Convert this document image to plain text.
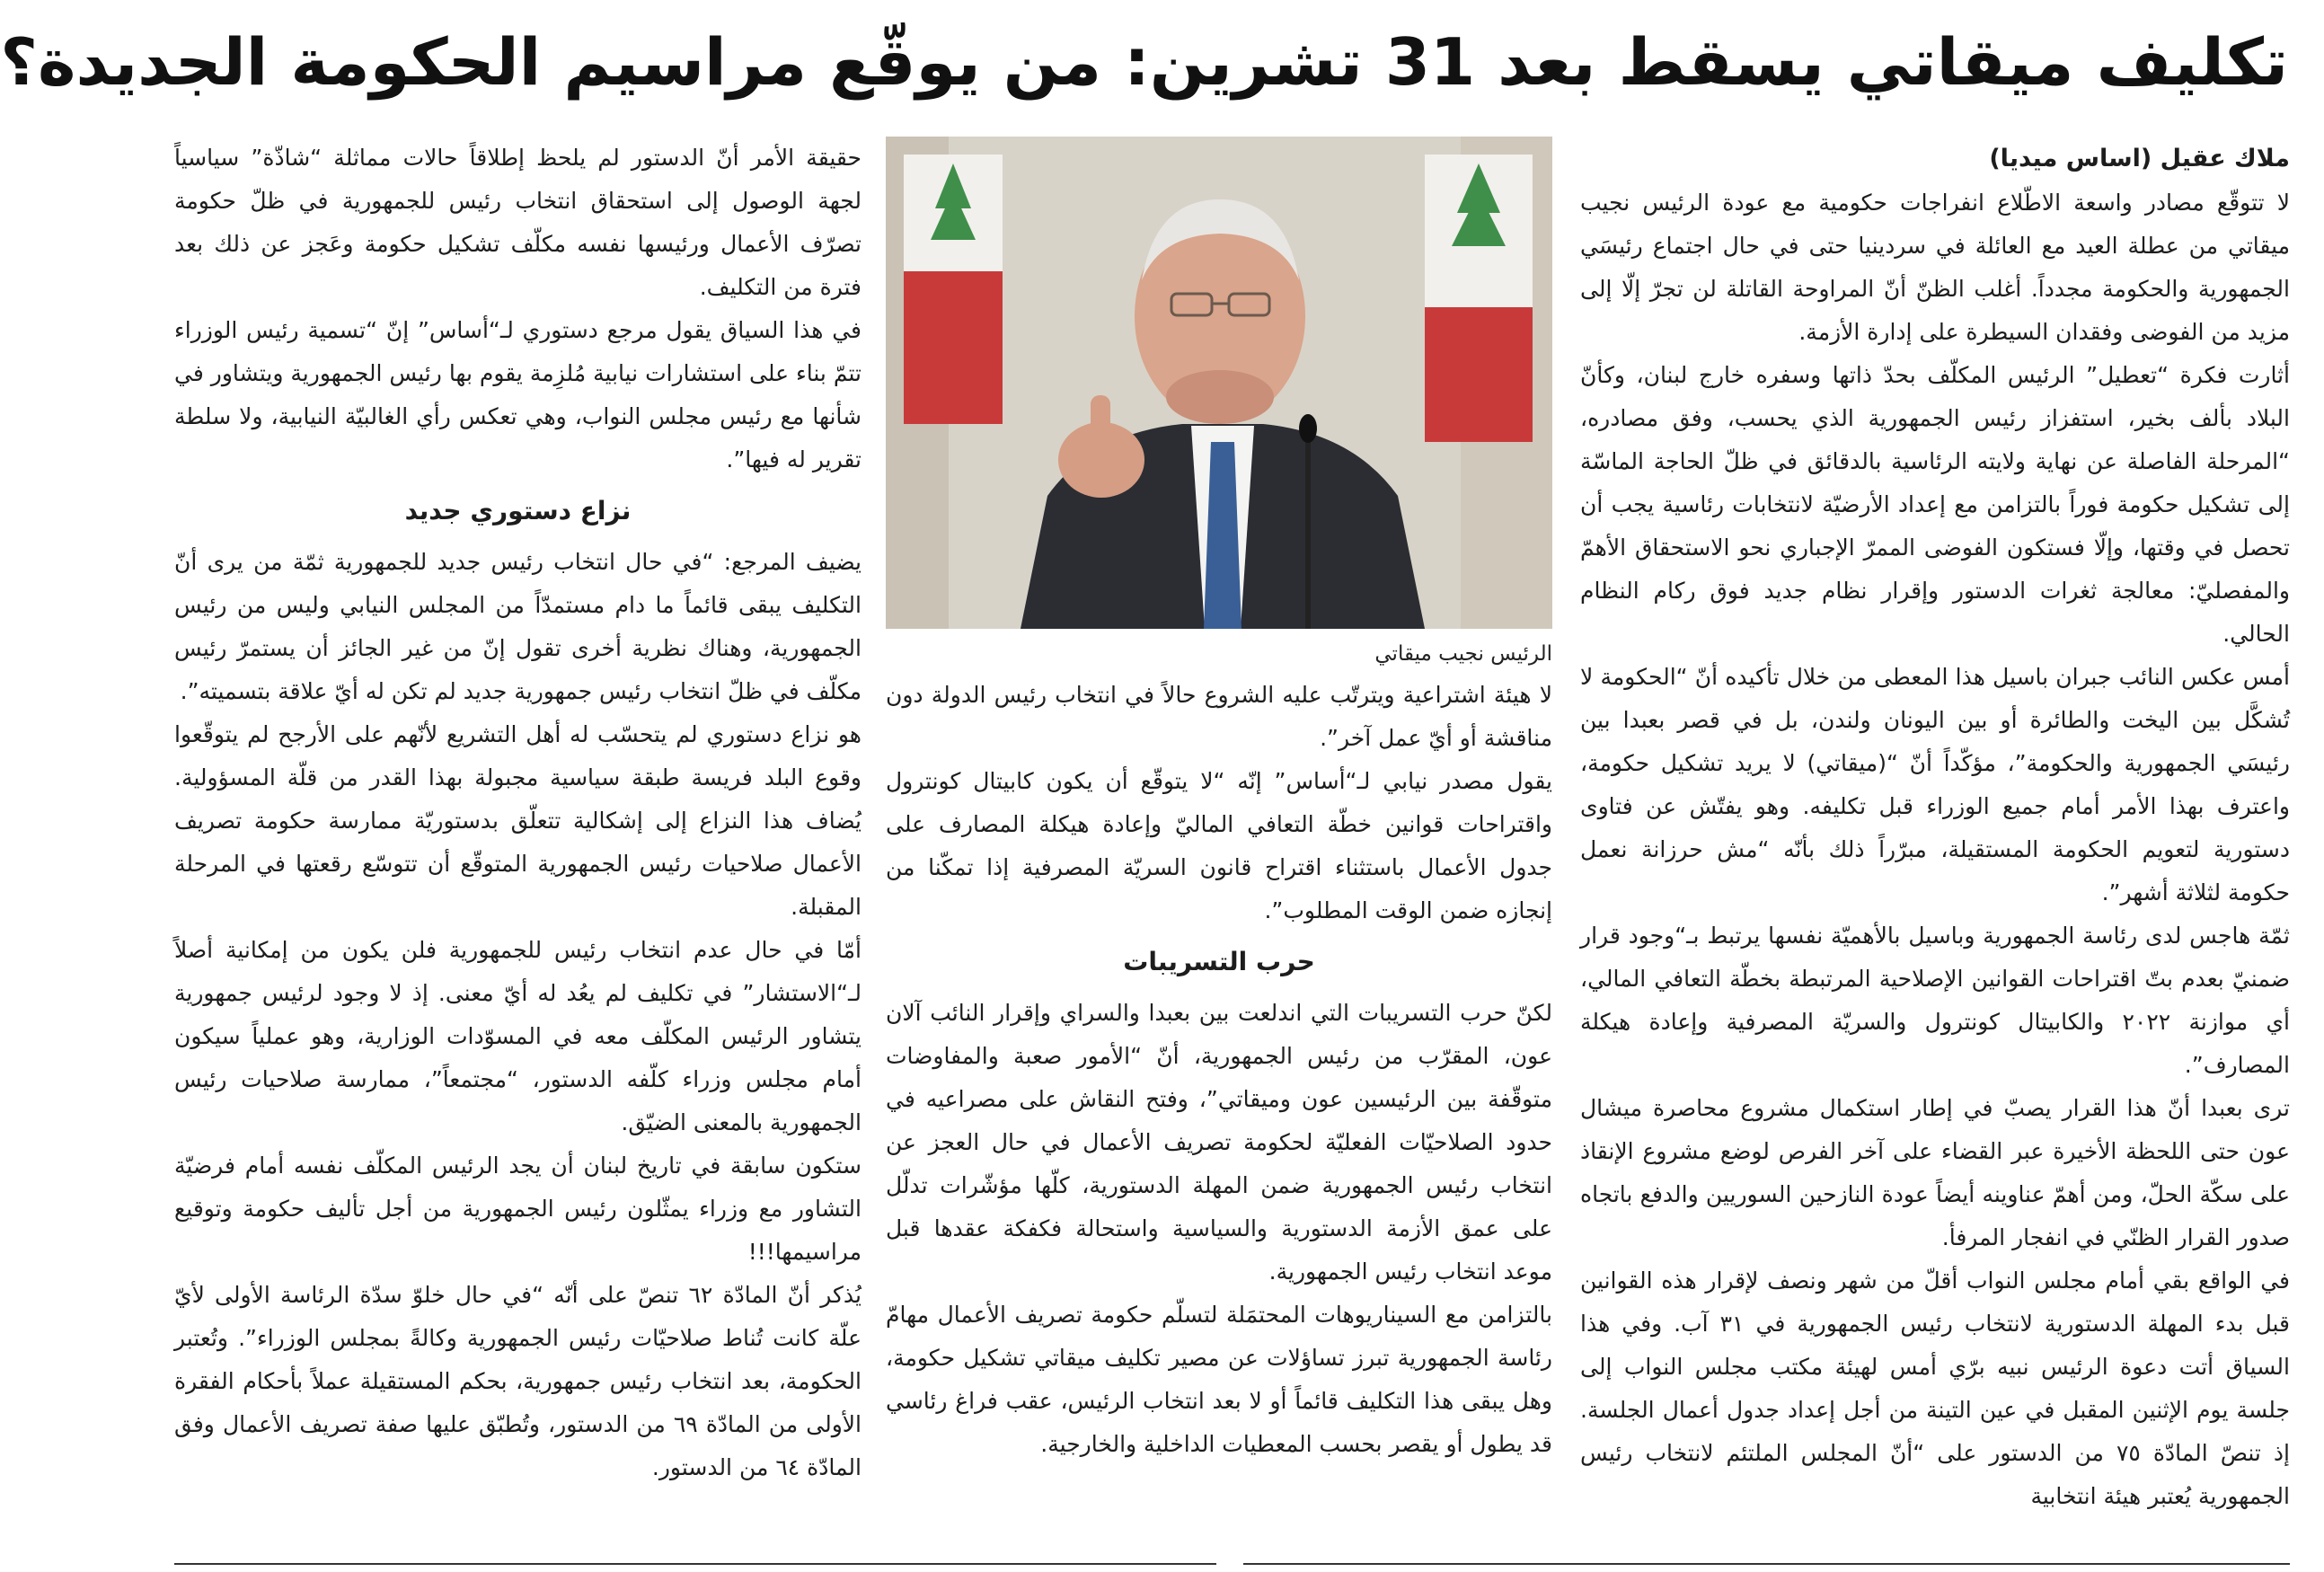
تكليف ميقاتي يسقط بعد 31 تشرين: من يوقّع مراسيم الحكومة الجديدة؟

ملاك عقيل (اساس ميديا)

لا تتوقّع مصادر واسعة الاطّلاع انفراجات حكومية مع عودة الرئيس نجيب ميقاتي من عطلة العيد مع العائلة في سردينيا حتى في حال اجتماع رئيسَي الجمهورية والحكومة مجدداً. أغلب الظنّ أنّ المراوحة القاتلة لن تجرّ إلّا إلى مزيد من الفوضى وفقدان السيطرة على إدارة الأزمة.

أثارت فكرة “تعطيل” الرئيس المكلّف بحدّ ذاتها وسفره خارج لبنان، وكأنّ البلاد بألف بخير، استفزاز رئيس الجمهورية الذي يحسب، وفق مصادره، “المرحلة الفاصلة عن نهاية ولايته الرئاسية بالدقائق في ظلّ الحاجة الماسّة إلى تشكيل حكومة فوراً بالتزامن مع إعداد الأرضيّة لانتخابات رئاسية يجب أن تحصل في وقتها، وإلّا فستكون الفوضى الممرّ الإجباري نحو الاستحقاق الأهمّ والمفصليّ: معالجة ثغرات الدستور وإقرار نظام جديد فوق ركام النظام الحالي.

أمس عكس النائب جبران باسيل هذا المعطى من خلال تأكيده أنّ “الحكومة لا تُشكَّل بين اليخت والطائرة أو بين اليونان ولندن، بل في قصر بعبدا بين رئيسَي الجمهورية والحكومة”، مؤكّداً أنّ “(ميقاتي) لا يريد تشكيل حكومة، واعترف بهذا الأمر أمام جميع الوزراء قبل تكليفه. وهو يفتّش عن فتاوى دستورية لتعويم الحكومة المستقيلة، مبرّراً ذلك بأنّه “مش حرزانة نعمل حكومة لثلاثة أشهر”.

ثمّة هاجس لدى رئاسة الجمهورية وباسيل بالأهميّة نفسها يرتبط بـ“وجود قرار ضمنيّ بعدم بتّ اقتراحات القوانين الإصلاحية المرتبطة بخطّة التعافي المالي، أي موازنة ٢٠٢٢ والكابيتال كونترول والسريّة المصرفية وإعادة هيكلة المصارف”.

ترى بعبدا أنّ هذا القرار يصبّ في إطار استكمال مشروع محاصرة ميشال عون حتى اللحظة الأخيرة عبر القضاء على آخر الفرص لوضع مشروع الإنقاذ على سكّة الحلّ، ومن أهمّ عناوينه أيضاً عودة النازحين السوريين والدفع باتجاه صدور القرار الظنّي في انفجار المرفأ.

في الواقع بقي أمام مجلس النواب أقلّ من شهر ونصف لإقرار هذه القوانين قبل بدء المهلة الدستورية لانتخاب رئيس الجمهورية في ٣١ آب. وفي هذا السياق أتت دعوة الرئيس نبيه برّي أمس لهيئة مكتب مجلس النواب إلى جلسة يوم الإثنين المقبل في عين التينة من أجل إعداد جدول أعمال الجلسة. إذ تنصّ المادّة ٧٥ من الدستور على “أنّ المجلس الملتئم لانتخاب رئيس الجمهورية يُعتبر هيئة انتخابية

الرئيس نجيب ميقاتي

لا هيئة اشتراعية ويترتّب عليه الشروع حالاً في انتخاب رئيس الدولة دون مناقشة أو أيّ عمل آخر”.

يقول مصدر نيابي لـ“أساس” إنّه “لا يتوقّع أن يكون كابيتال كونترول واقتراحات قوانين خطّة التعافي الماليّ وإعادة هيكلة المصارف على جدول الأعمال باستثناء اقتراح قانون السريّة المصرفية إذا تمكّنا من إنجازه ضمن الوقت المطلوب”.

حرب التسريبات

لكنّ حرب التسريبات التي اندلعت بين بعبدا والسراي وإقرار النائب آلان عون، المقرّب من رئيس الجمهورية، أنّ “الأمور صعبة والمفاوضات متوقّفة بين الرئيسين عون وميقاتي”، وفتح النقاش على مصراعيه في حدود الصلاحيّات الفعليّة لحكومة تصريف الأعمال في حال العجز عن انتخاب رئيس الجمهورية ضمن المهلة الدستورية، كلّها مؤشّرات تدلّل على عمق الأزمة الدستورية والسياسية واستحالة فكفكة عقدها قبل موعد انتخاب رئيس الجمهورية.

بالتزامن مع السيناريوهات المحتمَلة لتسلّم حكومة تصريف الأعمال مهامّ رئاسة الجمهورية تبرز تساؤلات عن مصير تكليف ميقاتي تشكيل حكومة، وهل يبقى هذا التكليف قائماً أو لا بعد انتخاب الرئيس، عقب فراغ رئاسي قد يطول أو يقصر بحسب المعطيات الداخلية والخارجية.

حقيقة الأمر أنّ الدستور لم يلحظ إطلاقاً حالات مماثلة “شاذّة” سياسياً لجهة الوصول إلى استحقاق انتخاب رئيس للجمهورية في ظلّ حكومة تصرّف الأعمال ورئيسها نفسه مكلّف تشكيل حكومة وعَجز عن ذلك بعد فترة من التكليف.

في هذا السياق يقول مرجع دستوري لـ“أساس” إنّ “تسمية رئيس الوزراء تتمّ بناء على استشارات نيابية مُلزِمة يقوم بها رئيس الجمهورية ويتشاور في شأنها مع رئيس مجلس النواب، وهي تعكس رأي الغالبيّة النيابية، ولا سلطة تقرير له فيها”.

نزاع دستوري جديد

يضيف المرجع: “في حال انتخاب رئيس جديد للجمهورية ثمّة من يرى أنّ التكليف يبقى قائماً ما دام مستمدّاً من المجلس النيابي وليس من رئيس الجمهورية، وهناك نظرية أخرى تقول إنّ من غير الجائز أن يستمرّ رئيس مكلّف في ظلّ انتخاب رئيس جمهورية جديد لم تكن له أيّ علاقة بتسميته”.

هو نزاع دستوري لم يتحسّب له أهل التشريع لأنّهم على الأرجح لم يتوقّعوا وقوع البلد فريسة طبقة سياسية مجبولة بهذا القدر من قلّة المسؤولية. يُضاف هذا النزاع إلى إشكالية تتعلّق بدستوريّة ممارسة حكومة تصريف الأعمال صلاحيات رئيس الجمهورية المتوقّع أن تتوسّع رقعتها في المرحلة المقبلة.

أمّا في حال عدم انتخاب رئيس للجمهورية فلن يكون من إمكانية أصلاً لـ“الاستشار” في تكليف لم يعُد له أيّ معنى. إذ لا وجود لرئيس جمهورية يتشاور الرئيس المكلّف معه في المسوّدات الوزارية، وهو عملياً سيكون أمام مجلس وزراء كلّفه الدستور، “مجتمعاً”، ممارسة صلاحيات رئيس الجمهورية بالمعنى الضيّق.

ستكون سابقة في تاريخ لبنان أن يجد الرئيس المكلّف نفسه أمام فرضيّة التشاور مع وزراء يمثّلون رئيس الجمهورية من أجل تأليف حكومة وتوقيع مراسيمها!!!

يُذكر أنّ المادّة ٦٢ تنصّ على أنّه “في حال خلوّ سدّة الرئاسة الأولى لأيّ علّة كانت تُناط صلاحيّات رئيس الجمهورية وكالةً بمجلس الوزراء”. وتُعتبر الحكومة، بعد انتخاب رئيس جمهورية، بحكم المستقيلة عملاً بأحكام الفقرة الأولى من المادّة ٦٩ من الدستور، وتُطبّق عليها صفة تصريف الأعمال وفق المادّة ٦٤ من الدستور.
